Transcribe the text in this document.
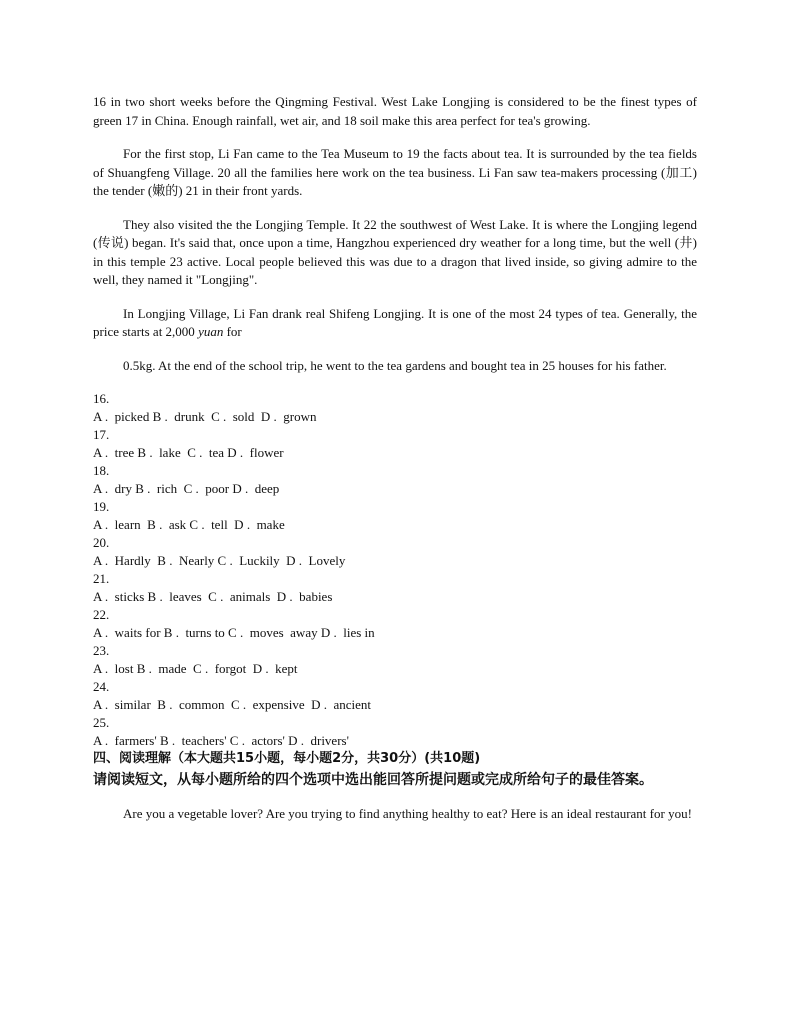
16 in two short weeks before the Qingming Festival. West Lake Longjing is considered to be the finest types of green 17 in China. Enough rainfall, wet air, and 18 soil make this area perfect for tea's growing.

For the first stop, Li Fan came to the Tea Museum to 19 the facts about tea. It is surrounded by the tea fields of Shuangfeng Village. 20 all the families here work on the tea business. Li Fan saw tea-makers processing (加工) the tender (嫩的) 21 in their front yards.

They also visited the the Longjing Temple. It 22 the southwest of West Lake. It is where the Longjing legend (传说) began. It's said that, once upon a time, Hangzhou experienced dry weather for a long time, but the well (井) in this temple 23 active. Local people believed this was due to a dragon that lived inside, so giving admire to the well, they named it "Longjing".

In Longjing Village, Li Fan drank real Shifeng Longjing. It is one of the most 24 types of tea. Generally, the price starts at 2,000 yuan for

0.5kg. At the end of the school trip, he went to the tea gardens and bought tea in 25 houses for his father.

16.
A .  picked B .  drunk  C .  sold  D .  grown
17.
A .  tree B .  lake  C .  tea D .  flower
18.
A .  dry B .  rich  C .  poor D .  deep
19.
A .  learn  B .  ask C .  tell  D .  make
20.
A .  Hardly  B .  Nearly C .  Luckily  D .  Lovely
21.
A .  sticks B .  leaves  C .  animals  D .  babies
22.
A .  waits for B .  turns to C .  moves  away D .  lies in
23.
A .  lost B .  made  C .  forgot  D .  kept
24.
A .  similar  B .  common  C .  expensive  D .  ancient
25.
A .  farmers' B .  teachers' C .  actors' D .  drivers'
四、阅读理解（本大题共15小题，每小题2分，共30分）(共10题)
请阅读短文，从每小题所给的四个选项中选出能回答所提问题或完成所给句子的最佳答案。

Are you a vegetable lover? Are you trying to find anything healthy to eat? Here is an ideal restaurant for you!
